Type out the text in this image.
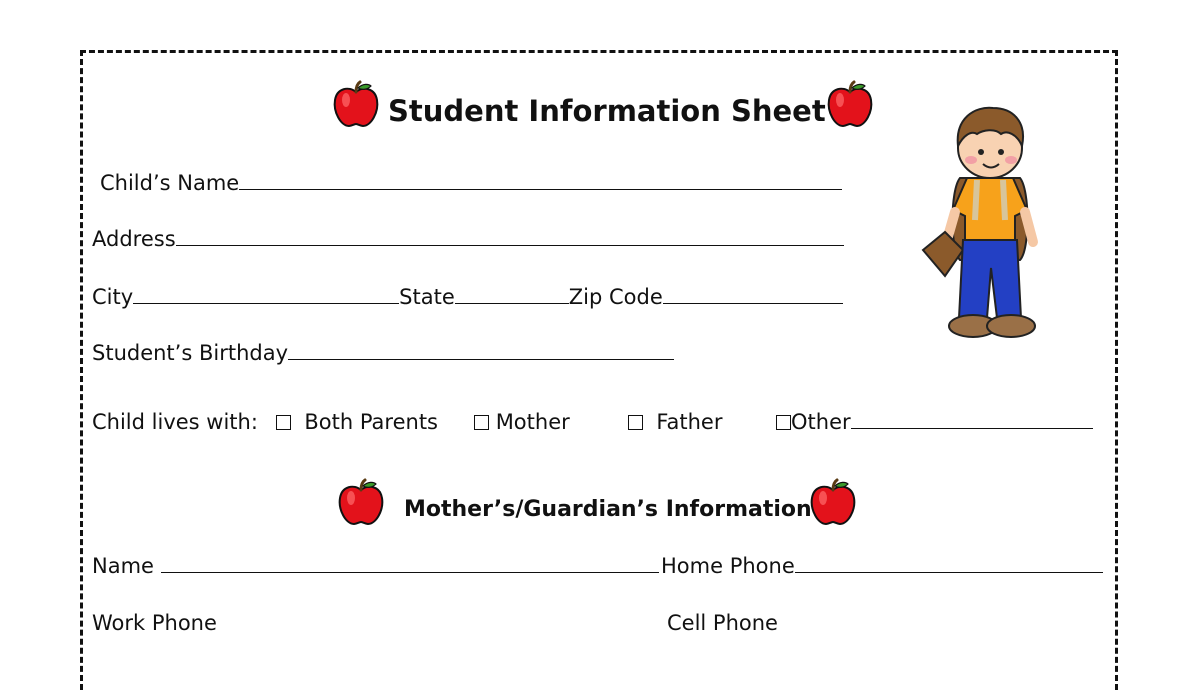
Student Information Sheet
Child’s Name
Address
City	State	Zip Code
Student’s Birthday
Child lives with:	Both Parents	Mother	Father	Other
Mother’s/Guardian’s Information
Name	Home Phone
Work Phone	Cell Phone
